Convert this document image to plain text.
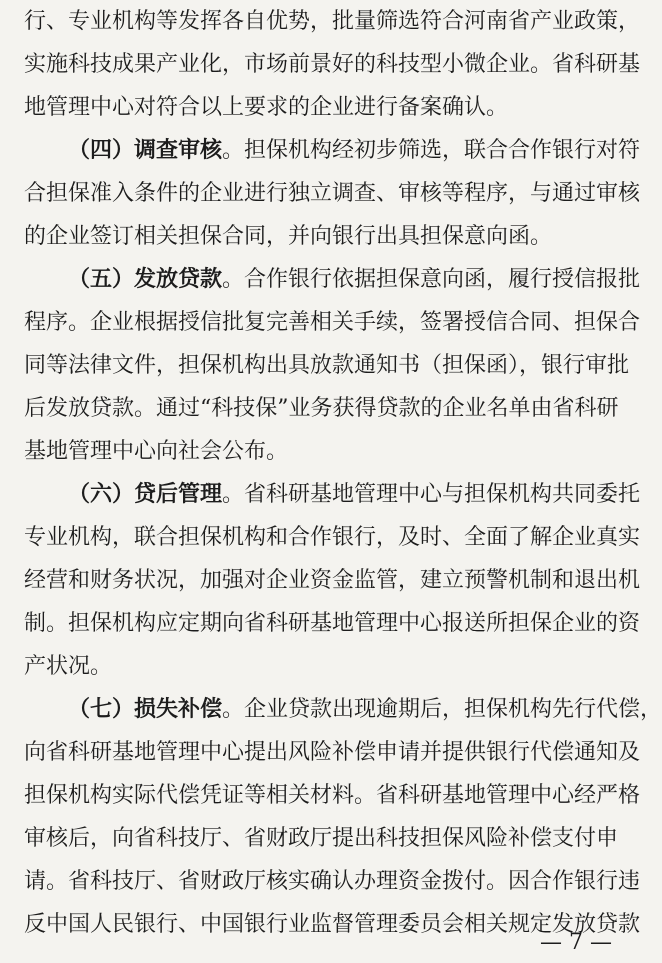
行、专业机构等发挥各自优势，批量筛选符合河南省产业政策，
实施科技成果产业化，市场前景好的科技型小微企业。省科研基
地管理中心对符合以上要求的企业进行备案确认。
（四）调查审核。担保机构经初步筛选，联合合作银行对符
合担保准入条件的企业进行独立调查、审核等程序，与通过审核
的企业签订相关担保合同，并向银行出具担保意向函。
（五）发放贷款。合作银行依据担保意向函，履行授信报批
程序。企业根据授信批复完善相关手续，签署授信合同、担保合
同等法律文件，担保机构出具放款通知书（担保函），银行审批
后发放贷款。通过“科技保”业务获得贷款的企业名单由省科研
基地管理中心向社会公布。
（六）贷后管理。省科研基地管理中心与担保机构共同委托
专业机构，联合担保机构和合作银行，及时、全面了解企业真实
经营和财务状况，加强对企业资金监管，建立预警机制和退出机
制。担保机构应定期向省科研基地管理中心报送所担保企业的资
产状况。
（七）损失补偿。企业贷款出现逾期后，担保机构先行代偿，
向省科研基地管理中心提出风险补偿申请并提供银行代偿通知及
担保机构实际代偿凭证等相关材料。省科研基地管理中心经严格
审核后，向省科技厅、省财政厅提出科技担保风险补偿支付申
请。省科技厅、省财政厅核实确认办理资金拨付。因合作银行违
反中国人民银行、中国银行业监督管理委员会相关规定发放贷款
— 7 —
